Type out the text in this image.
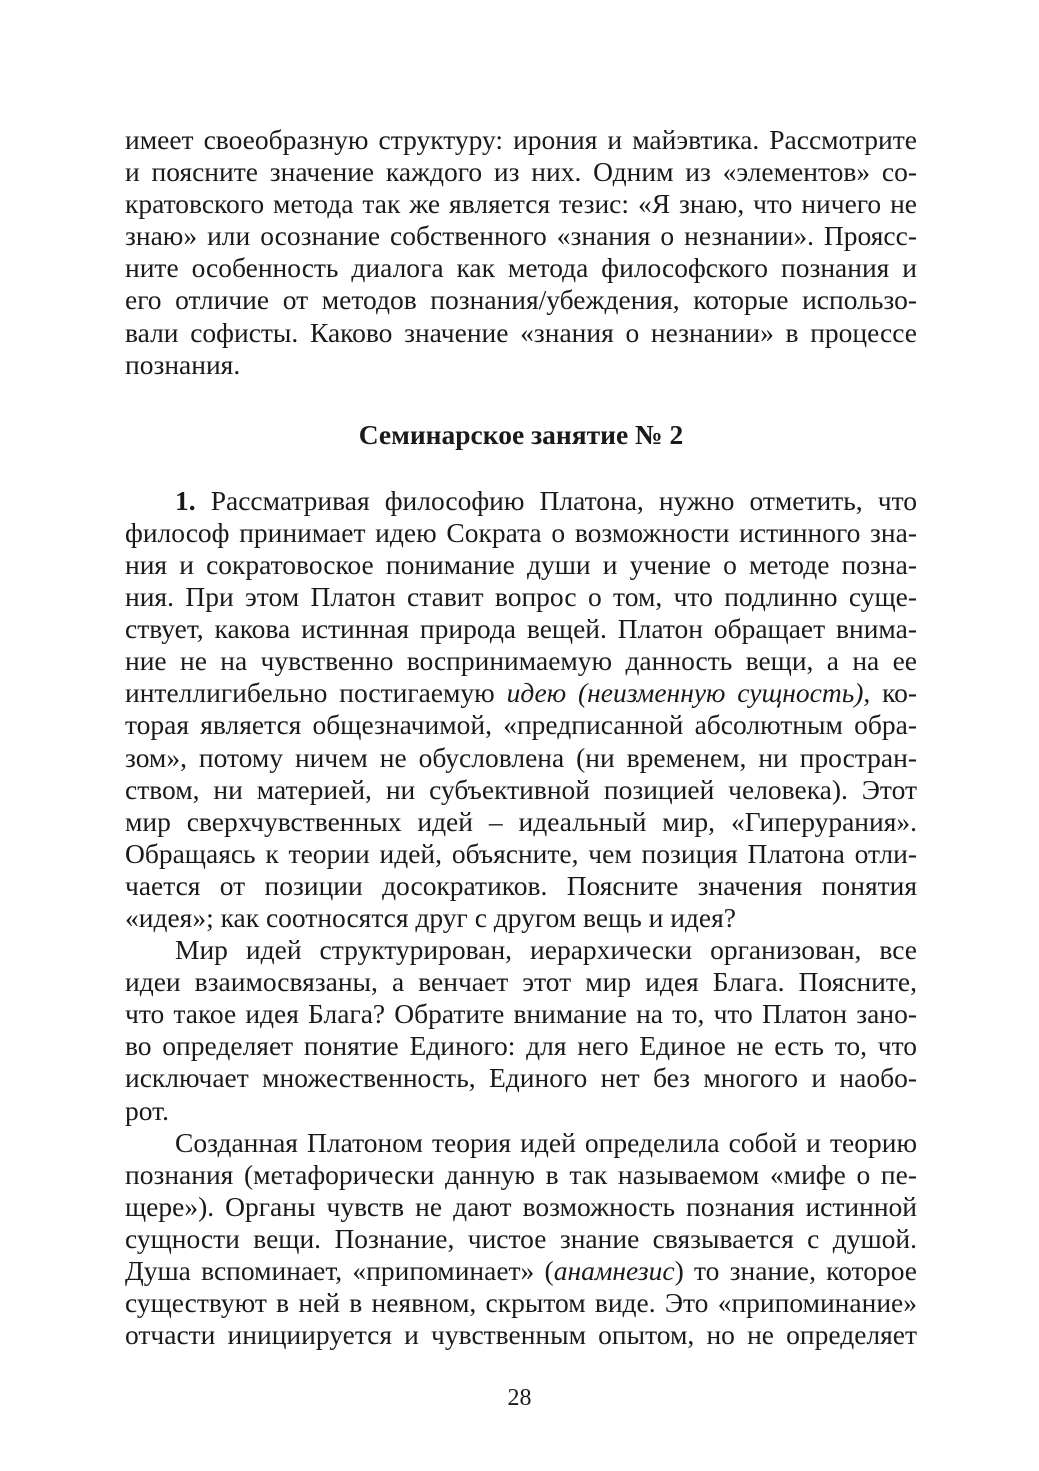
имеет своеобразную структуру: ирония и майэвтика. Рассмотрите
и поясните значение каждого из них. Одним из «элементов» со-
кратовского метода так же является тезис: «Я знаю, что ничего не
знаю» или осознание собственного «знания о незнании». Проясс-
ните особенность диалога как метода философского познания и
его отличие от методов познания/убеждения, которые использо-
вали софисты. Каково значение «знания о незнании» в процессе
познания.
Семинарское занятие № 2
1. Рассматривая философию Платона, нужно отметить, что
философ принимает идею Сократа о возможности истинного зна-
ния и сократовоское понимание души и учение о методе позна-
ния. При этом Платон ставит вопрос о том, что подлинно суще-
ствует, какова истинная природа вещей. Платон обращает внима-
ние не на чувственно воспринимаемую данность вещи, а на ее
интеллигибельно постигаемую идею (неизменную сущность), ко-
торая является общезначимой, «предписанной абсолютным обра-
зом», потому ничем не обусловлена (ни временем, ни простран-
ством, ни материей, ни субъективной позицией человека). Этот
мир сверхчувственных идей – идеальный мир, «Гиперурания».
Обращаясь к теории идей, объясните, чем позиция Платона отли-
чается от позиции досократиков. Поясните значения понятия
«идея»; как соотносятся друг с другом вещь и идея?
Мир идей структурирован, иерархически организован, все
идеи взаимосвязаны, а венчает этот мир идея Блага. Поясните,
что такое идея Блага? Обратите внимание на то, что Платон зано-
во определяет понятие Единого: для него Единое не есть то, что
исключает множественность, Единого нет без многого и наобо-
рот.
Созданная Платоном теория идей определила собой и теорию
познания (метафорически данную в так называемом «мифе о пе-
щере»). Органы чувств не дают возможность познания истинной
сущности вещи. Познание, чистое знание связывается с душой.
Душа вспоминает, «припоминает» (анамнезис) то знание, которое
существуют в ней в неявном, скрытом виде. Это «припоминание»
отчасти инициируется и чувственным опытом, но не определяет
28
